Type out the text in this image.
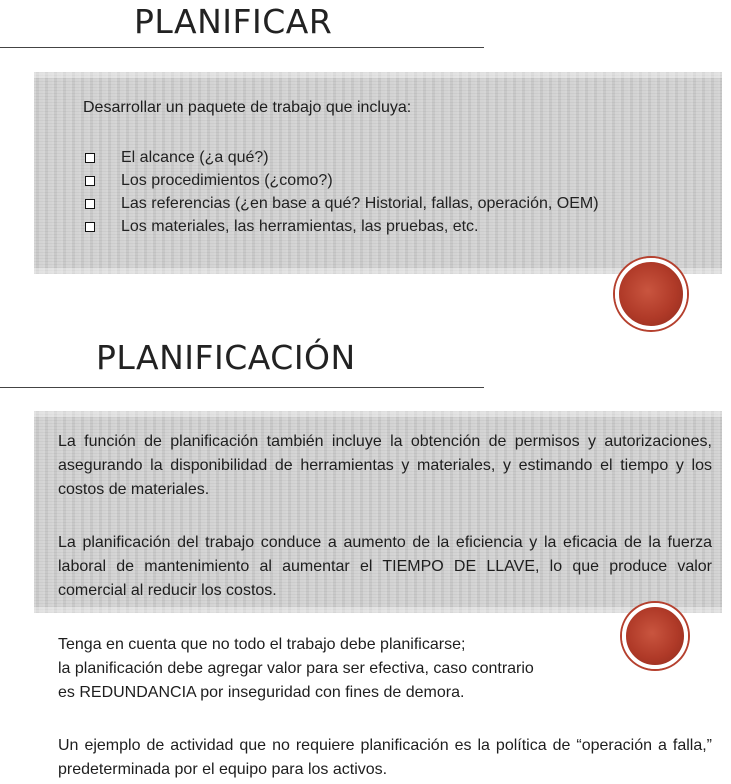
PLANIFICAR
Desarrollar un paquete de trabajo que incluya:
El alcance (¿a qué?)
Los procedimientos (¿como?)
Las referencias (¿en base a qué? Historial, fallas, operación, OEM)
Los materiales, las herramientas, las pruebas, etc.
PLANIFICACIÓN
La función de planificación también incluye la obtención de permisos y autorizaciones, asegurando la disponibilidad de herramientas y materiales, y estimando el tiempo y los costos de materiales.
La planificación del trabajo conduce a aumento de la eficiencia y la eficacia de la fuerza laboral de mantenimiento al aumentar el TIEMPO DE LLAVE, lo que produce valor comercial al reducir los costos.

Tenga en cuenta que no todo el trabajo debe planificarse;

la planificación debe agregar valor para ser efectiva, caso contrario

es REDUNDANCIA por inseguridad con fines de demora.

Un ejemplo de actividad que no requiere planificación es la política de “operación a falla,” predeterminada por el equipo para los activos.
